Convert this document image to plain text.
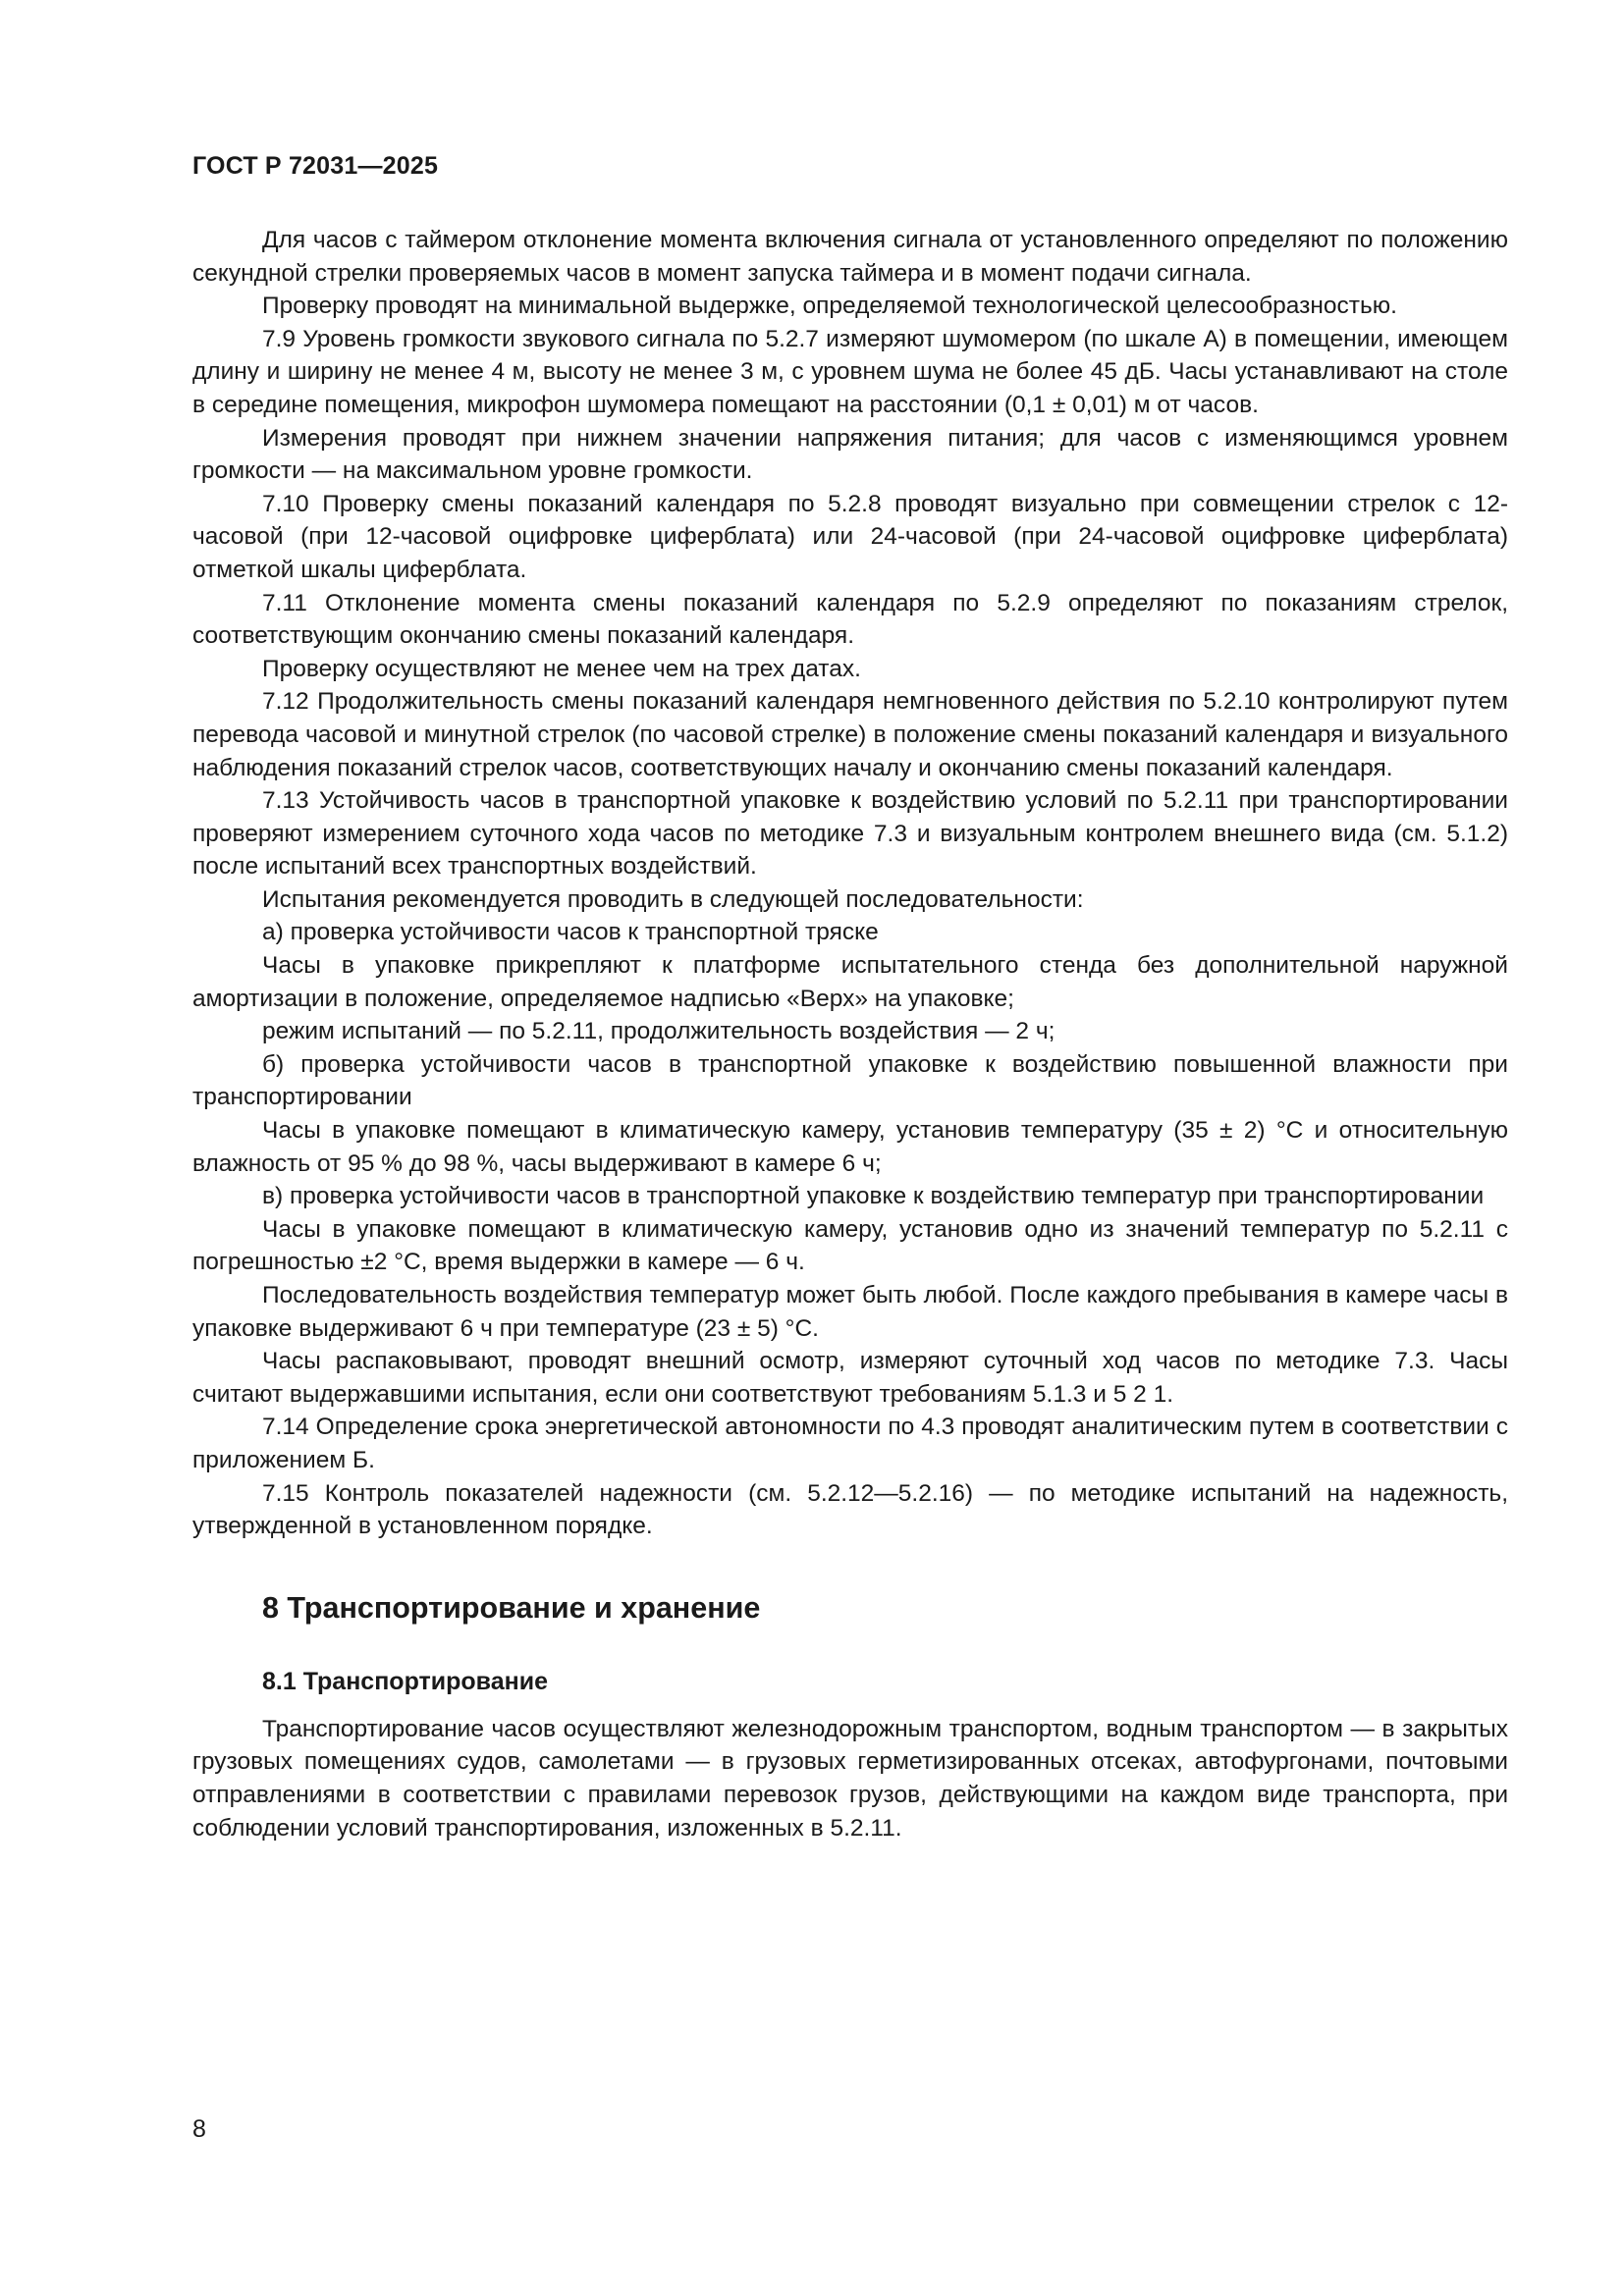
ГОСТ Р 72031—2025

Для часов с таймером отклонение момента включения сигнала от установленного определяют по положению секундной стрелки проверяемых часов в момент запуска таймера и в момент подачи сигнала.

Проверку проводят на минимальной выдержке, определяемой технологической целесообразностью.

7.9 Уровень громкости звукового сигнала по 5.2.7 измеряют шумомером (по шкале А) в помещении, имеющем длину и ширину не менее 4 м, высоту не менее 3 м, с уровнем шума не более 45 дБ. Часы устанавливают на столе в середине помещения, микрофон шумомера помещают на расстоянии (0,1 ± 0,01) м от часов.

Измерения проводят при нижнем значении напряжения питания; для часов с изменяющимся уровнем громкости — на максимальном уровне громкости.

7.10 Проверку смены показаний календаря по 5.2.8 проводят визуально при совмещении стрелок с 12-часовой (при 12-часовой оцифровке циферблата) или 24-часовой (при 24-часовой оцифровке циферблата) отметкой шкалы циферблата.

7.11 Отклонение момента смены показаний календаря по 5.2.9 определяют по показаниям стрелок, соответствующим окончанию смены показаний календаря.

Проверку осуществляют не менее чем на трех датах.

7.12 Продолжительность смены показаний календаря немгновенного действия по 5.2.10 контролируют путем перевода часовой и минутной стрелок (по часовой стрелке) в положение смены показаний календаря и визуального наблюдения показаний стрелок часов, соответствующих началу и окончанию смены показаний календаря.

7.13 Устойчивость часов в транспортной упаковке к воздействию условий по 5.2.11 при транспортировании проверяют измерением суточного хода часов по методике 7.3 и визуальным контролем внешнего вида (см. 5.1.2) после испытаний всех транспортных воздействий.

Испытания рекомендуется проводить в следующей последовательности:

а) проверка устойчивости часов к транспортной тряске

Часы в упаковке прикрепляют к платформе испытательного стенда без дополнительной наружной амортизации в положение, определяемое надписью «Верх» на упаковке;

режим испытаний — по 5.2.11, продолжительность воздействия — 2 ч;

б) проверка устойчивости часов в транспортной упаковке к воздействию повышенной влажности при транспортировании

Часы в упаковке помещают в климатическую камеру, установив температуру (35 ± 2) °С и относительную влажность от 95 % до 98 %, часы выдерживают в камере 6 ч;

в) проверка устойчивости часов в транспортной упаковке к воздействию температур при транспортировании

Часы в упаковке помещают в климатическую камеру, установив одно из значений температур по 5.2.11 с погрешностью ±2 °С, время выдержки в камере — 6 ч.

Последовательность воздействия температур может быть любой. После каждого пребывания в камере часы в упаковке выдерживают 6 ч при температуре (23 ± 5) °С.

Часы распаковывают, проводят внешний осмотр, измеряют суточный ход часов по методике 7.3. Часы считают выдержавшими испытания, если они соответствуют требованиям 5.1.3 и 5 2 1.

7.14 Определение срока энергетической автономности по 4.3 проводят аналитическим путем в соответствии с приложением Б.

7.15 Контроль показателей надежности (см. 5.2.12—5.2.16) — по методике испытаний на надежность, утвержденной в установленном порядке.

8 Транспортирование и хранение
8.1 Транспортирование

Транспортирование часов осуществляют железнодорожным транспортом, водным транспортом — в закрытых грузовых помещениях судов, самолетами — в грузовых герметизированных отсеках, автофургонами, почтовыми отправлениями в соответствии с правилами перевозок грузов, действующими на каждом виде транспорта, при соблюдении условий транспортирования, изложенных в 5.2.11.

8
